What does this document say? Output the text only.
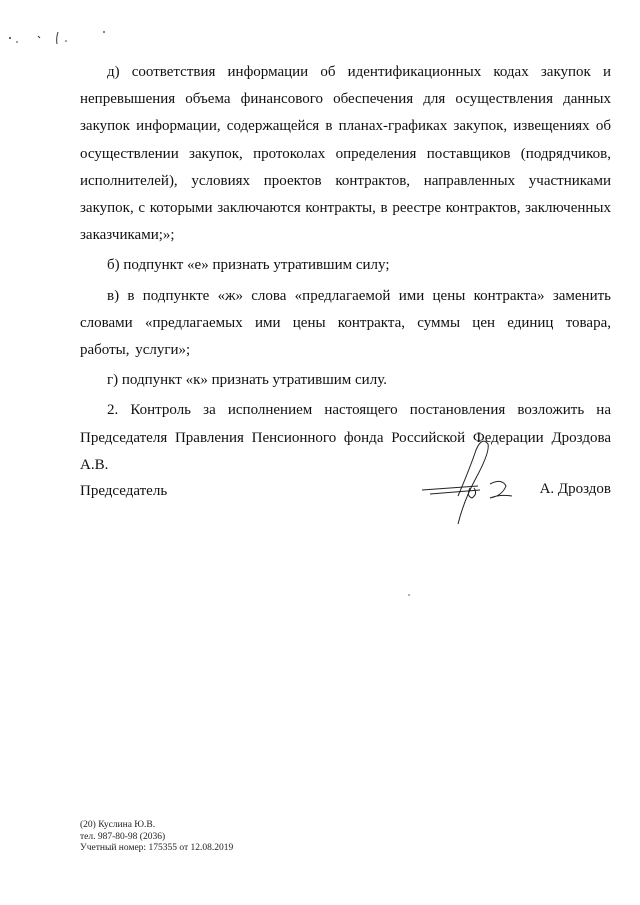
д) соответствия информации об идентификационных кодах закупок и непревышения объема финансового обеспечения для осуществления данных закупок информации, содержащейся в планах-графиках закупок, извещениях об осуществлении закупок, протоколах определения поставщиков (подрядчиков, исполнителей), условиях проектов контрактов, направленных участниками закупок, с которыми заключаются контракты, в реестре контрактов, заключенных заказчиками;»;

б) подпункт «е» признать утратившим силу;

в) в подпункте «ж» слова «предлагаемой ими цены контракта» заменить словами «предлагаемых ими цены контракта, суммы цен единиц товара, работы, услуги»;

г) подпункт «к» признать утратившим силу.

2. Контроль за исполнением настоящего постановления возложить на Председателя Правления Пенсионного фонда Российской Федерации Дроздова А.В.

Председатель	А. Дроздов
(20) Куслина Ю.В.
тел. 987-80-98 (2036)
Учетный номер: 175355 от 12.08.2019
